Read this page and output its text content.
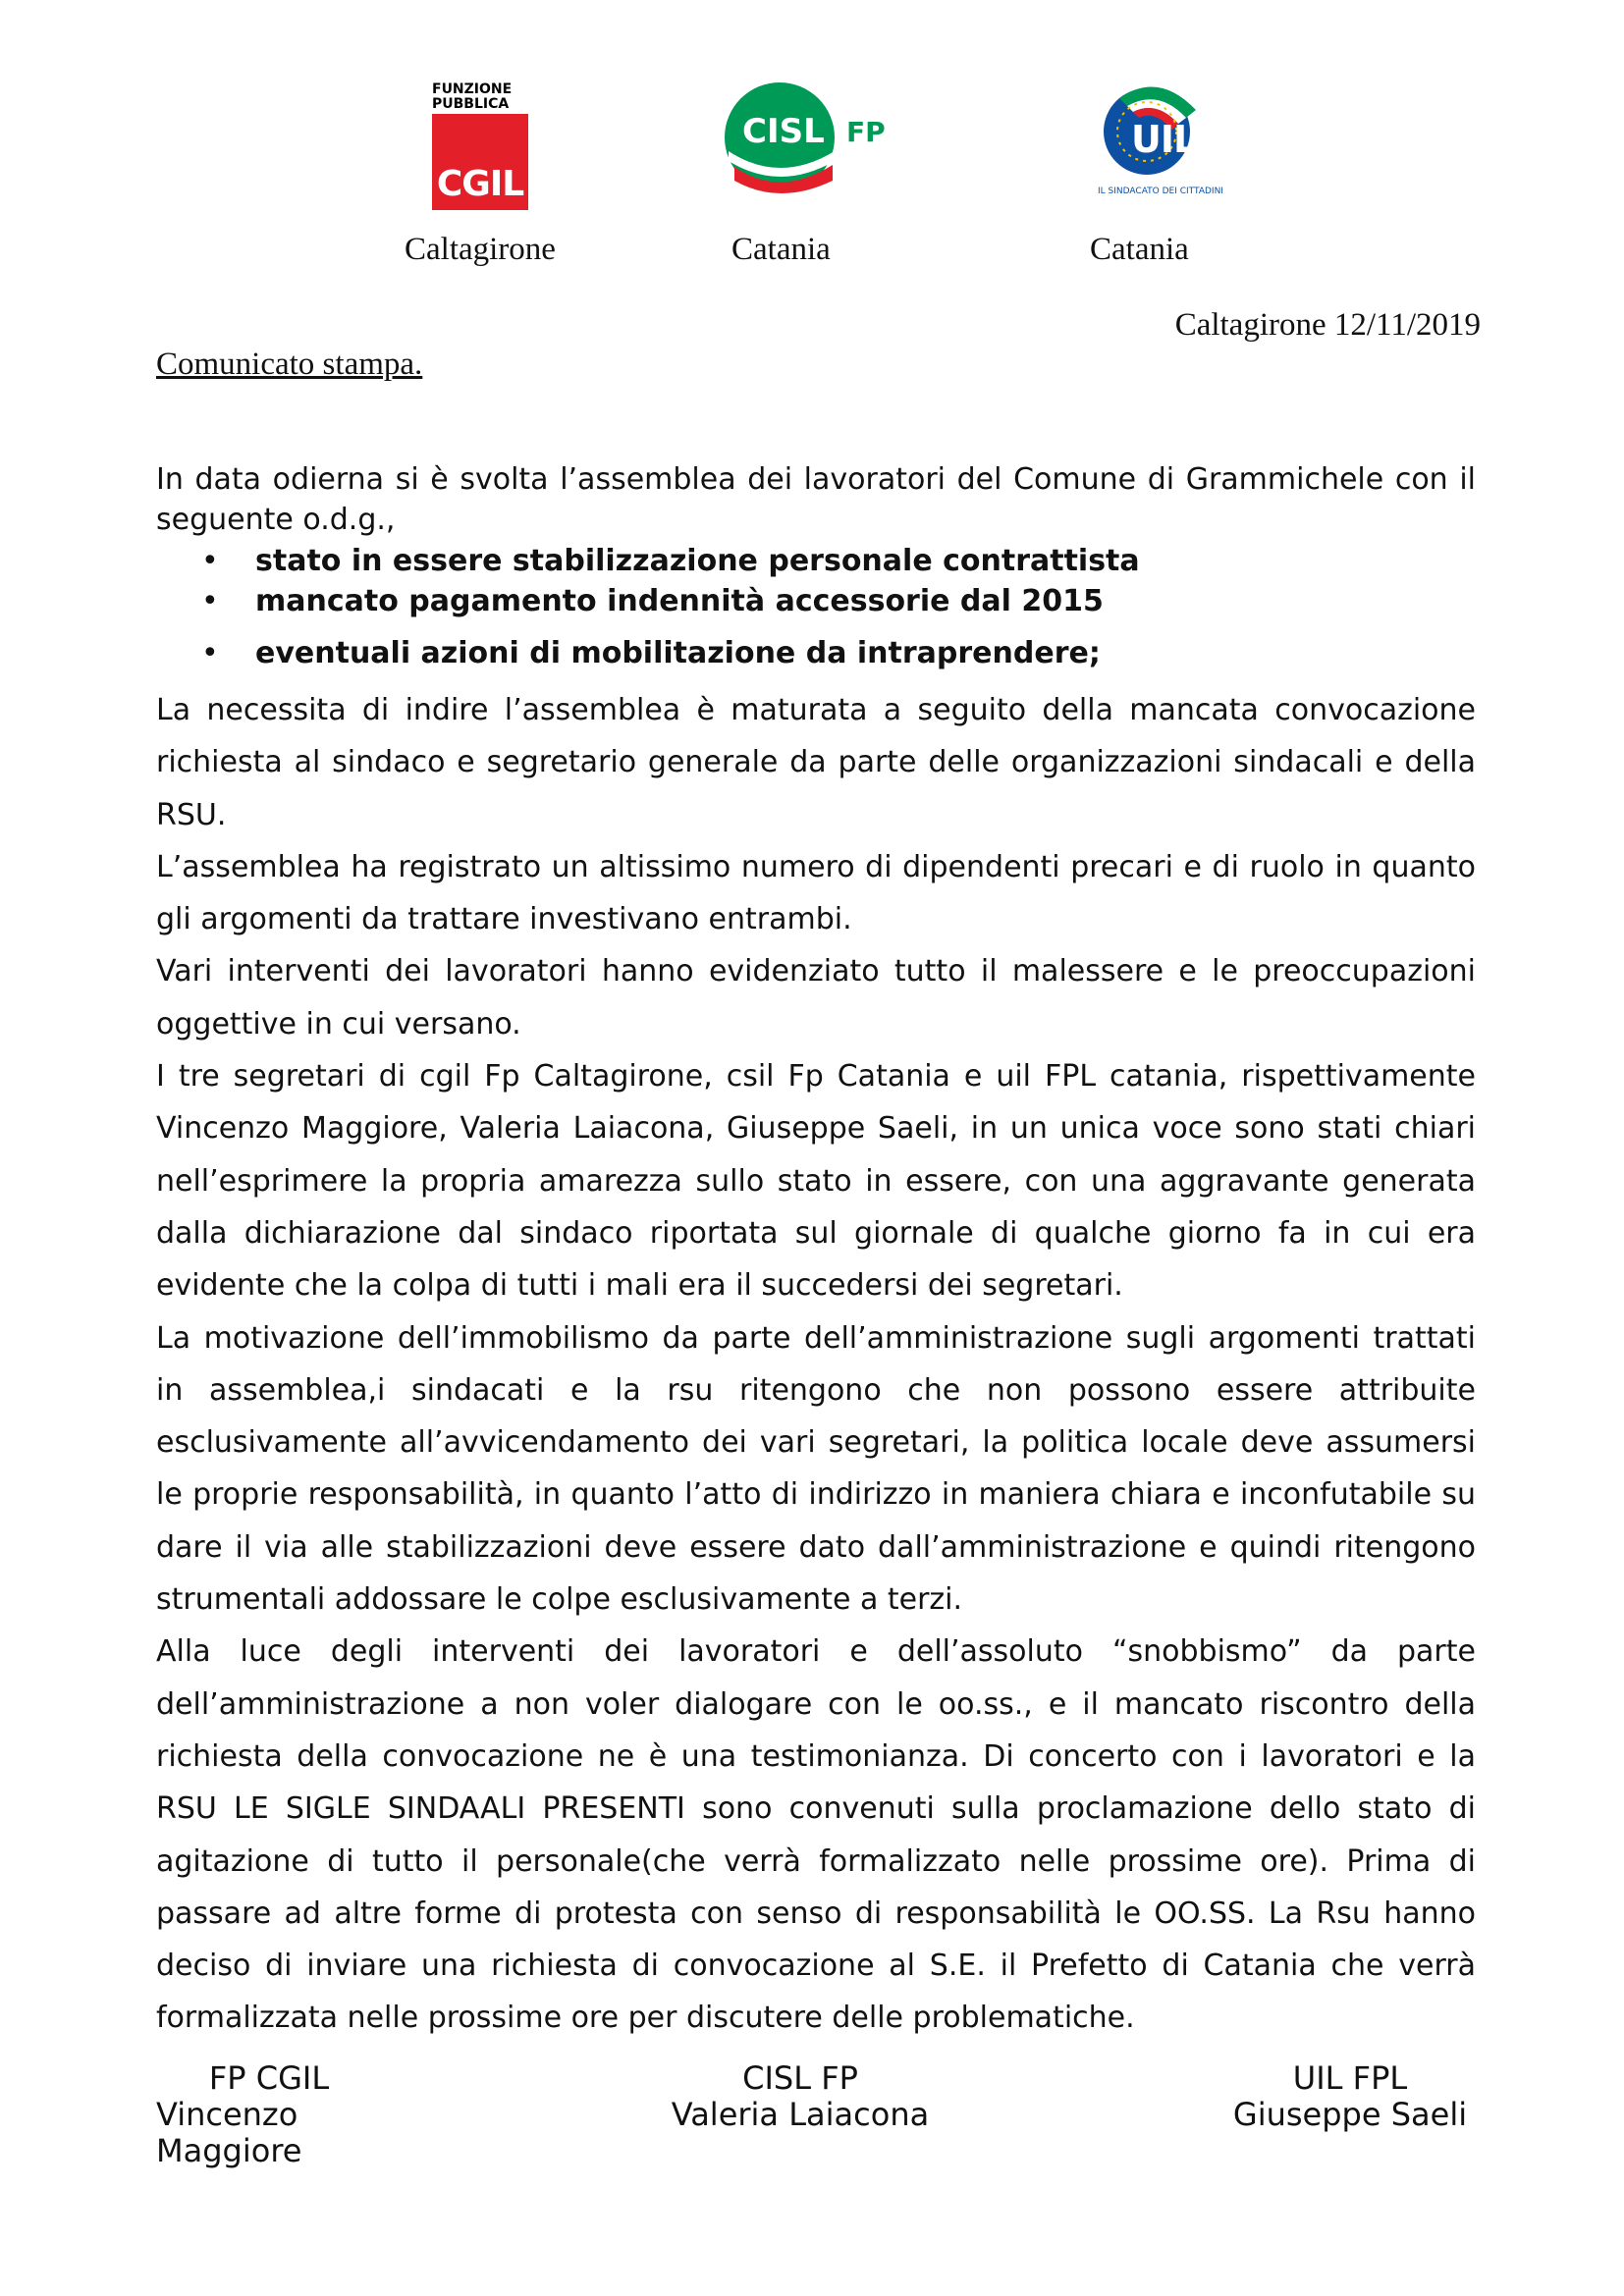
FUNZIONE
PUBBLICA
CGIL
CISL FP	UIL
IL SINDACATO DEI CITTADINI
Caltagirone	Catania	Catania
Caltagirone 12/11/2019
Comunicato stampa.
In data odierna si è svolta l’assemblea dei lavoratori del Comune di Grammichele con il seguente o.d.g.,
• stato in essere stabilizzazione personale contrattista
• mancato pagamento indennità accessorie dal 2015
• eventuali azioni di mobilitazione da intraprendere;

La necessita di indire l’assemblea è maturata a seguito della mancata convocazione richiesta al sindaco e segretario generale da parte delle organizzazioni sindacali e della RSU.

L’assemblea ha registrato un altissimo numero di dipendenti precari e di ruolo in quanto gli argomenti da trattare investivano entrambi.

Vari interventi dei lavoratori hanno evidenziato tutto il malessere e le preoccupazioni oggettive in cui versano.

I tre segretari di cgil Fp Caltagirone, csil Fp Catania e uil FPL catania, rispettivamente Vincenzo Maggiore, Valeria Laiacona, Giuseppe Saeli, in un unica voce sono stati chiari nell’esprimere la propria amarezza sullo stato in essere, con una aggravante generata dalla dichiarazione dal sindaco riportata sul giornale di qualche giorno fa in cui era evidente che la colpa di tutti i mali era il succedersi dei segretari.

La motivazione dell’immobilismo da parte dell’amministrazione sugli argomenti trattati in assemblea,i sindacati e la rsu ritengono che non possono essere attribuite esclusivamente all’avvicendamento dei vari segretari, la politica locale deve assumersi le proprie responsabilità, in quanto l’atto di indirizzo in maniera chiara e inconfutabile su dare il via alle stabilizzazioni deve essere dato dall’amministrazione e quindi ritengono strumentali addossare le colpe esclusivamente a terzi.

Alla luce degli interventi dei lavoratori e dell’assoluto “snobbismo” da parte dell’amministrazione a non voler dialogare con le oo.ss., e il mancato riscontro della richiesta della convocazione ne è una testimonianza. Di concerto con i lavoratori e la RSU LE SIGLE SINDAALI PRESENTI sono convenuti sulla proclamazione dello stato di agitazione di tutto il personale(che verrà formalizzato nelle prossime ore). Prima di passare ad altre forme di protesta con senso di responsabilità le OO.SS. La Rsu hanno deciso di inviare una richiesta di convocazione al S.E. il Prefetto di Catania che verrà formalizzata nelle prossime ore per discutere delle problematiche.

FP CGIL
Vincenzo Maggiore
CISL FP
Valeria Laiacona
UIL FPL
Giuseppe Saeli
